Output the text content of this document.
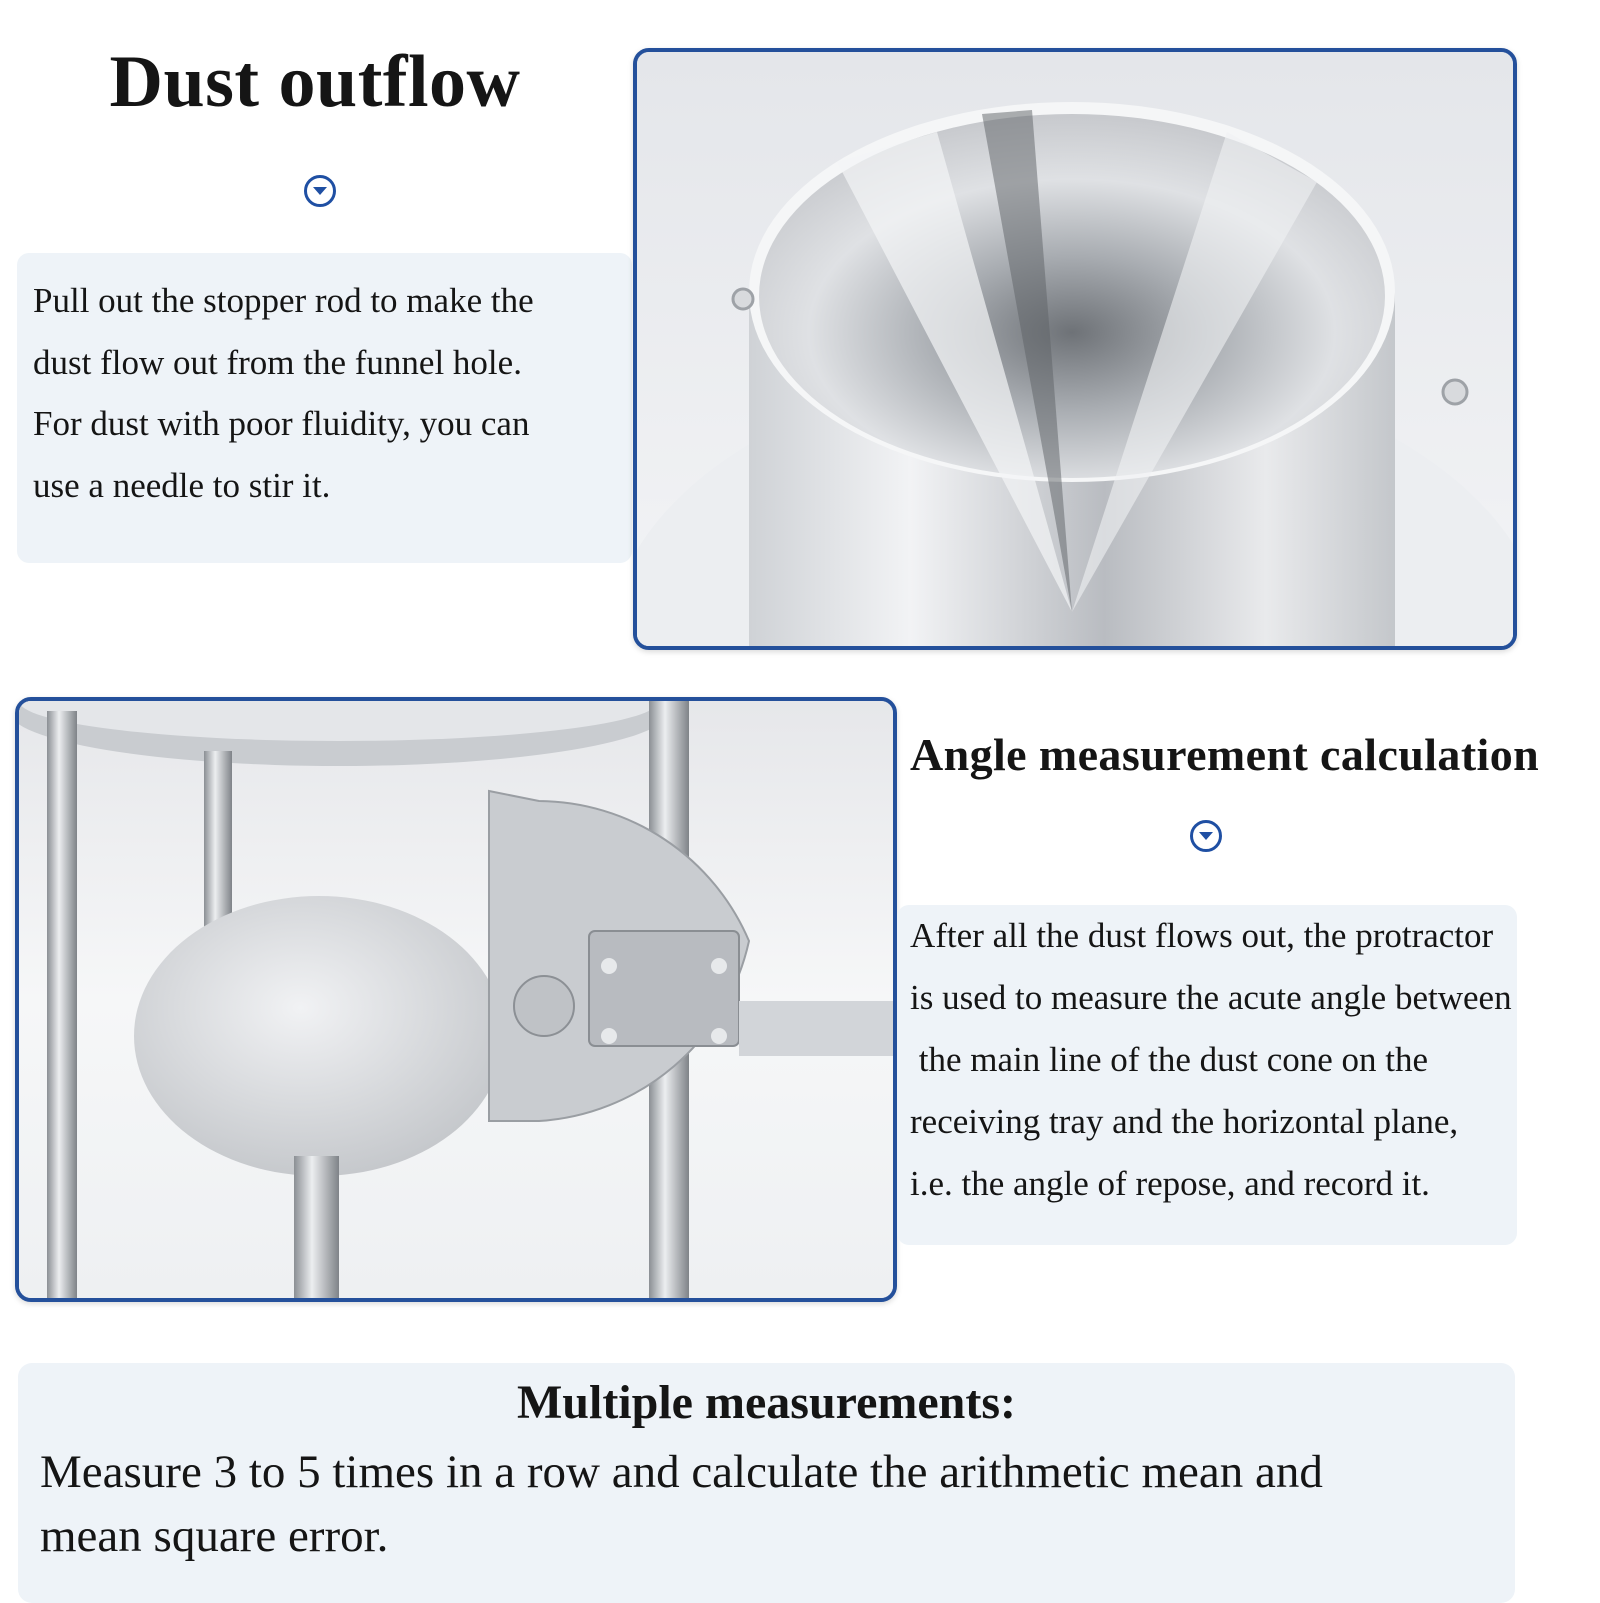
Dust outflow
Pull out the stopper rod to make the
dust flow out from the funnel hole.
For dust with poor fluidity, you can
use a needle to stir it.
Angle measurement calculation
After all the dust flows out, the protractor
is used to measure the acute angle between
the main line of the dust cone on the
receiving tray and the horizontal plane,
i.e. the angle of repose, and record it.
Multiple measurements:
Measure 3 to 5 times in a row and calculate the arithmetic mean and
mean square error.
